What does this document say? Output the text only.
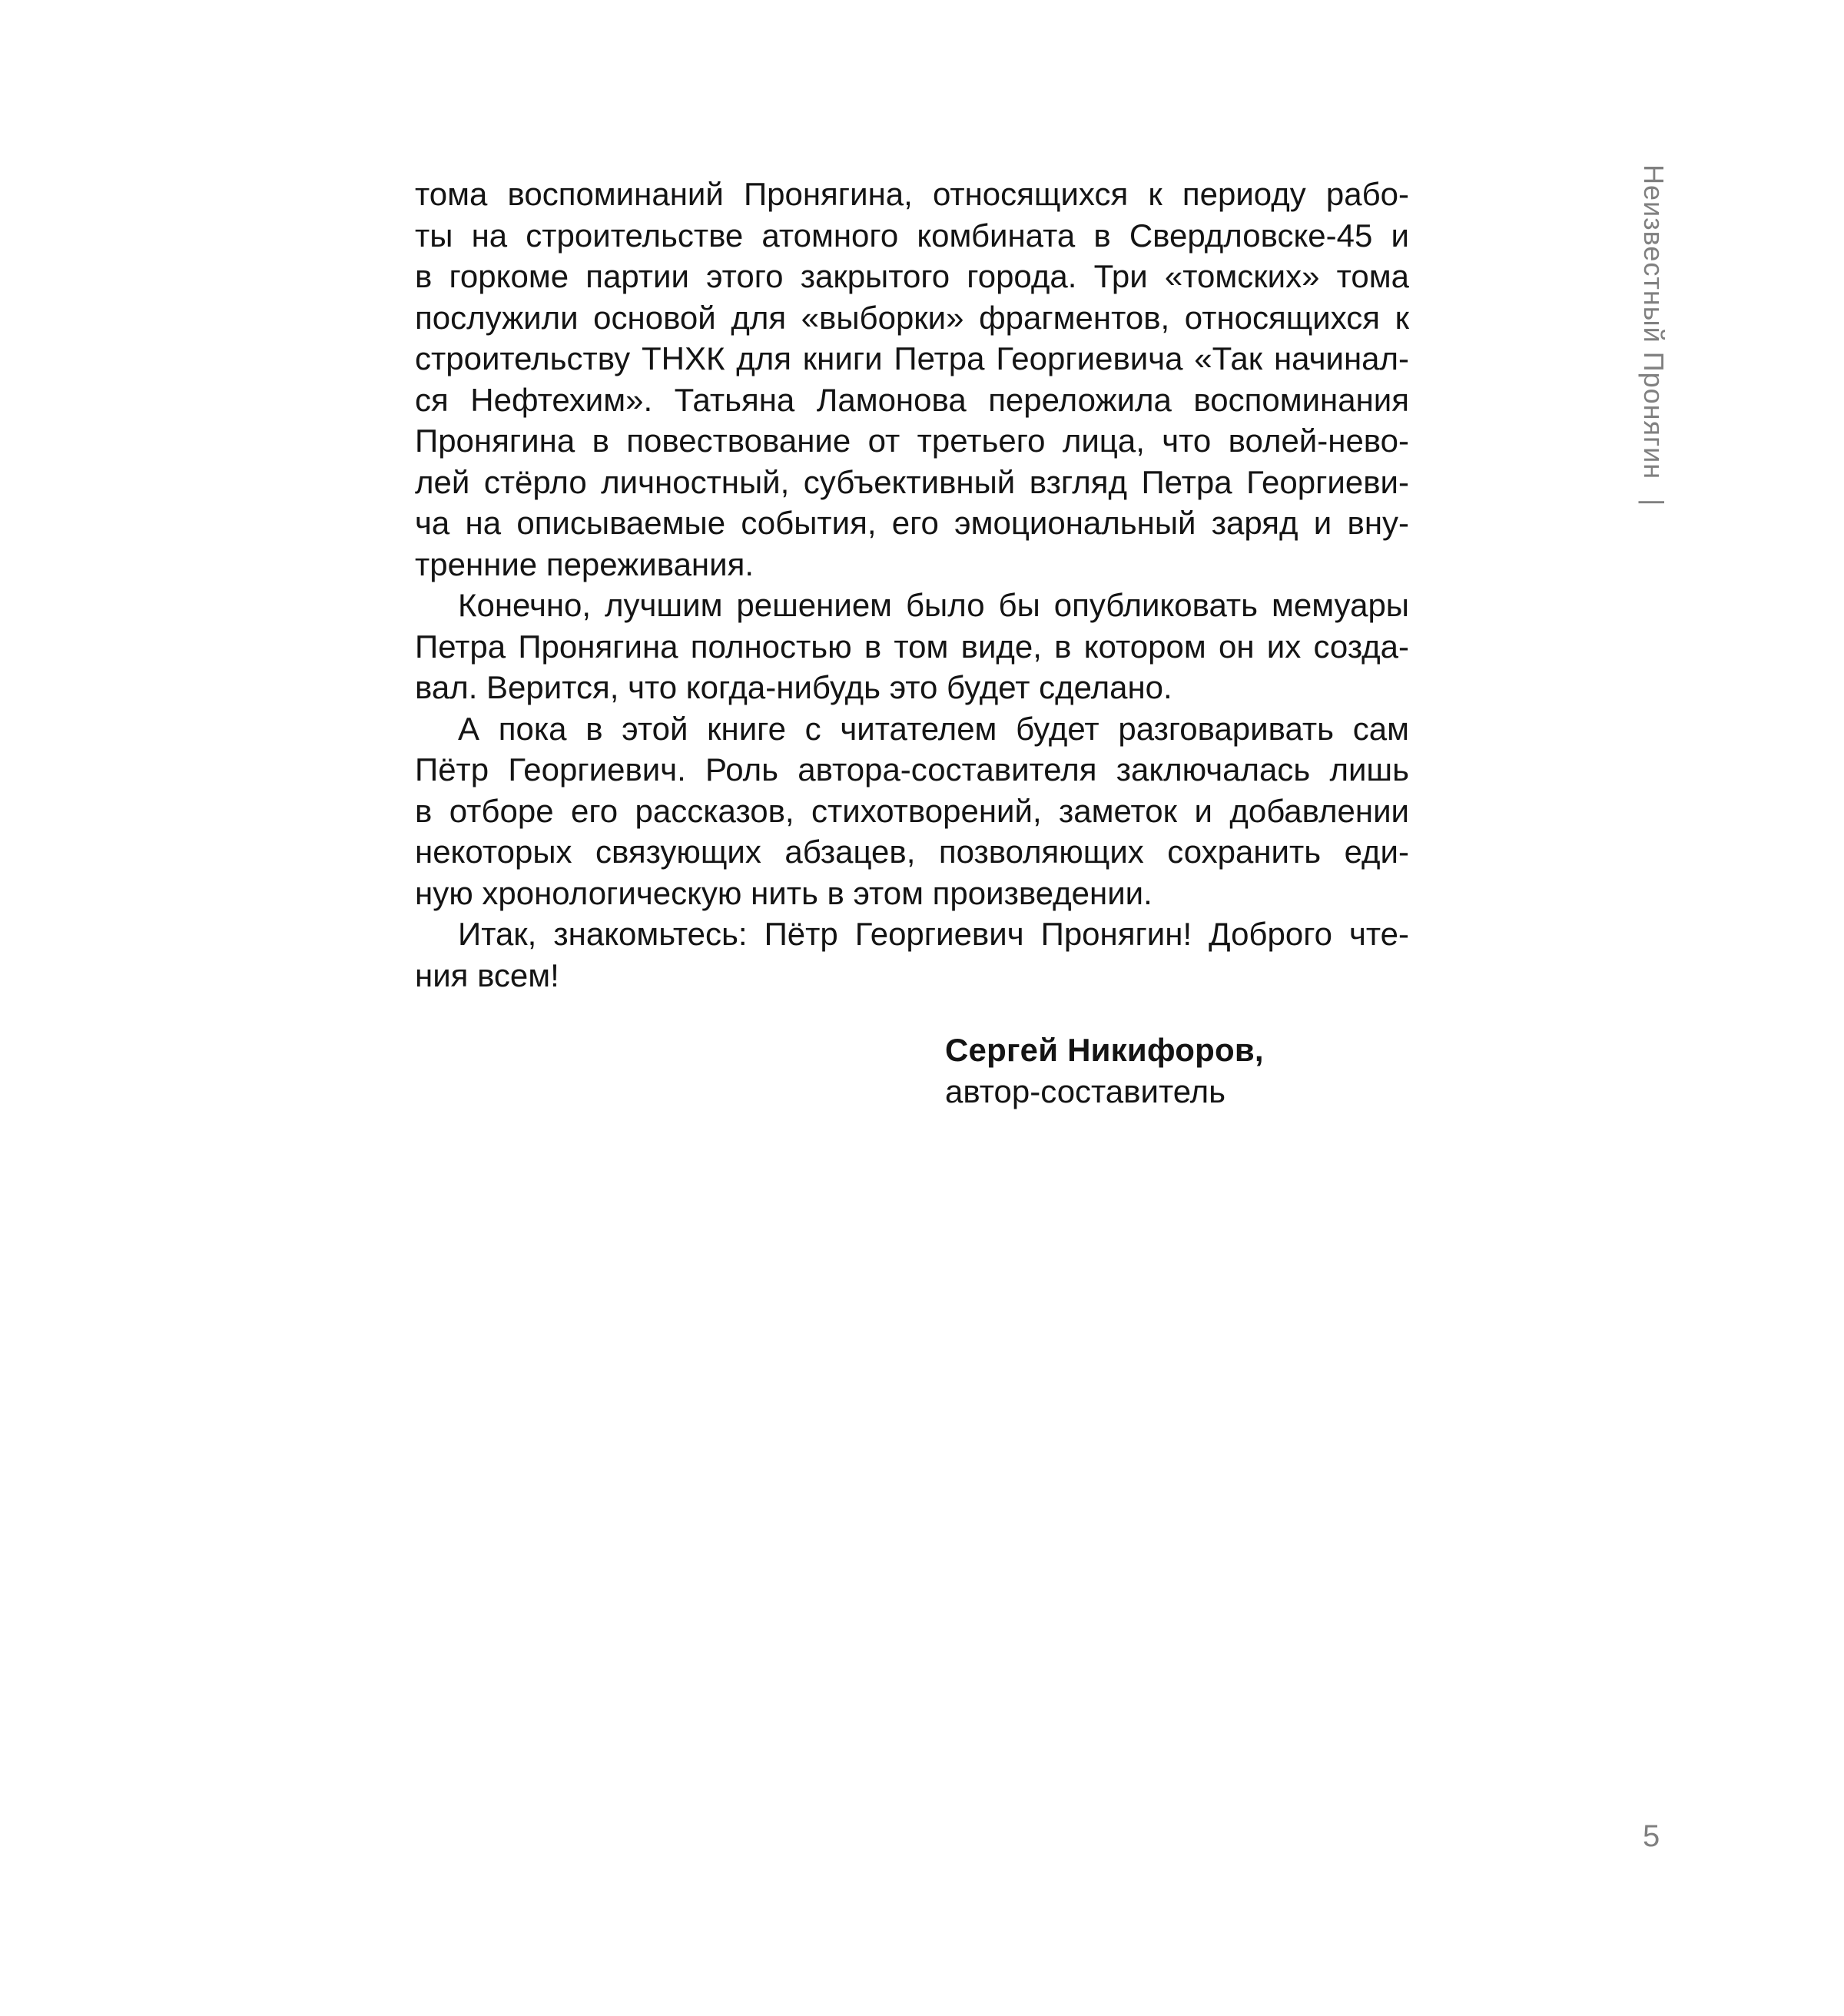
тома воспоминаний Пронягина, относящихся к периоду рабо-
ты на строительстве атомного комбината в Свердловске-45 и
в горкоме партии этого закрытого города. Три «томских» тома
послужили основой для «выборки» фрагментов, относящихся к
строительству ТНХК для книги Петра Георгиевича «Так начинал-
ся Нефтехим». Татьяна Ламонова переложила воспоминания
Пронягина в повествование от третьего лица, что волей-нево-
лей стёрло личностный, субъективный взгляд Петра Георгиеви-
ча на описываемые события, его эмоциональный заряд и вну-
тренние переживания.
Конечно, лучшим решением было бы опубликовать мемуары
Петра Пронягина полностью в том виде, в котором он их созда-
вал. Верится, что когда-нибудь это будет сделано.
А пока в этой книге с читателем будет разговаривать сам
Пётр Георгиевич. Роль автора-составителя заключалась лишь
в отборе его рассказов, стихотворений, заметок и добавлении
некоторых связующих абзацев, позволяющих сохранить еди-
ную хронологическую нить в этом произведении.
Итак, знакомьтесь: Пётр Георгиевич Пронягин! Доброго чте-
ния всем!
Сергей Никифоров,
автор-составитель
Неизвестный Пронягин |
5
